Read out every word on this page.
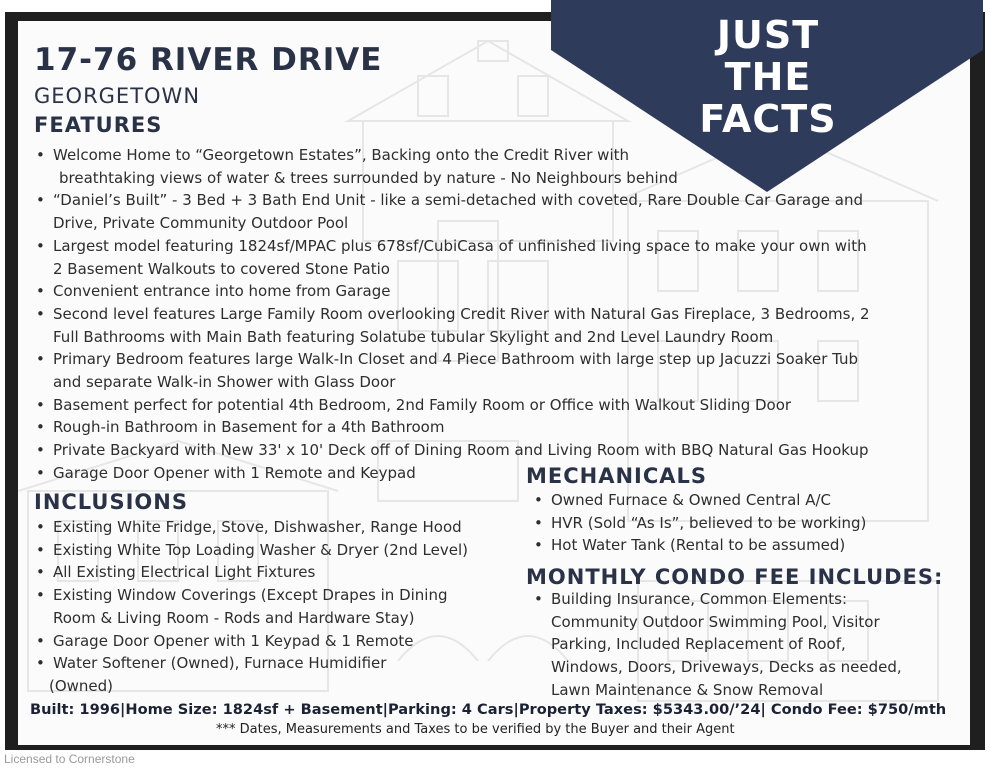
JUST
THE
FACTS
17-76 RIVER DRIVE
GEORGETOWN
FEATURES
• Welcome Home to “Georgetown Estates”, Backing onto the Credit River with
breathtaking views of water & trees surrounded by nature - No Neighbours behind
• “Daniel’s Built” - 3 Bed + 3 Bath End Unit - like a semi-detached with coveted, Rare Double Car Garage and
Drive, Private Community Outdoor Pool
• Largest model featuring 1824sf/MPAC plus 678sf/CubiCasa of unfinished living space to make your own with
2 Basement Walkouts to covered Stone Patio
• Convenient entrance into home from Garage
• Second level features Large Family Room overlooking Credit River with Natural Gas Fireplace, 3 Bedrooms, 2
Full Bathrooms with Main Bath featuring Solatube tubular Skylight and 2nd Level Laundry Room
• Primary Bedroom features large Walk-In Closet and 4 Piece Bathroom with large step up Jacuzzi Soaker Tub
and separate Walk-in Shower with Glass Door
• Basement perfect for potential 4th Bedroom, 2nd Family Room or Office with Walkout Sliding Door
• Rough-in Bathroom in Basement for a 4th Bathroom
• Private Backyard with New 33' x 10' Deck off of Dining Room and Living Room with BBQ Natural Gas Hookup
• Garage Door Opener with 1 Remote and Keypad
INCLUSIONS
• Existing White Fridge, Stove, Dishwasher, Range Hood
• Existing White Top Loading Washer & Dryer (2nd Level)
• All Existing Electrical Light Fixtures
• Existing Window Coverings (Except Drapes in Dining
Room & Living Room - Rods and Hardware Stay)
• Garage Door Opener with 1 Keypad & 1 Remote
• Water Softener (Owned), Furnace Humidifier
(Owned)
MECHANICALS
• Owned Furnace & Owned Central A/C
• HVR (Sold “As Is”, believed to be working)
• Hot Water Tank (Rental to be assumed)
MONTHLY CONDO FEE INCLUDES:
• Building Insurance, Common Elements:
Community Outdoor Swimming Pool, Visitor
Parking, Included Replacement of Roof,
Windows, Doors, Driveways, Decks as needed,
Lawn Maintenance & Snow Removal
Built: 1996|Home Size: 1824sf + Basement|Parking: 4 Cars|Property Taxes: $5343.00/’24| Condo Fee: $750/mth
*** Dates, Measurements and Taxes to be verified by the Buyer and their Agent
Licensed to Cornerstone
